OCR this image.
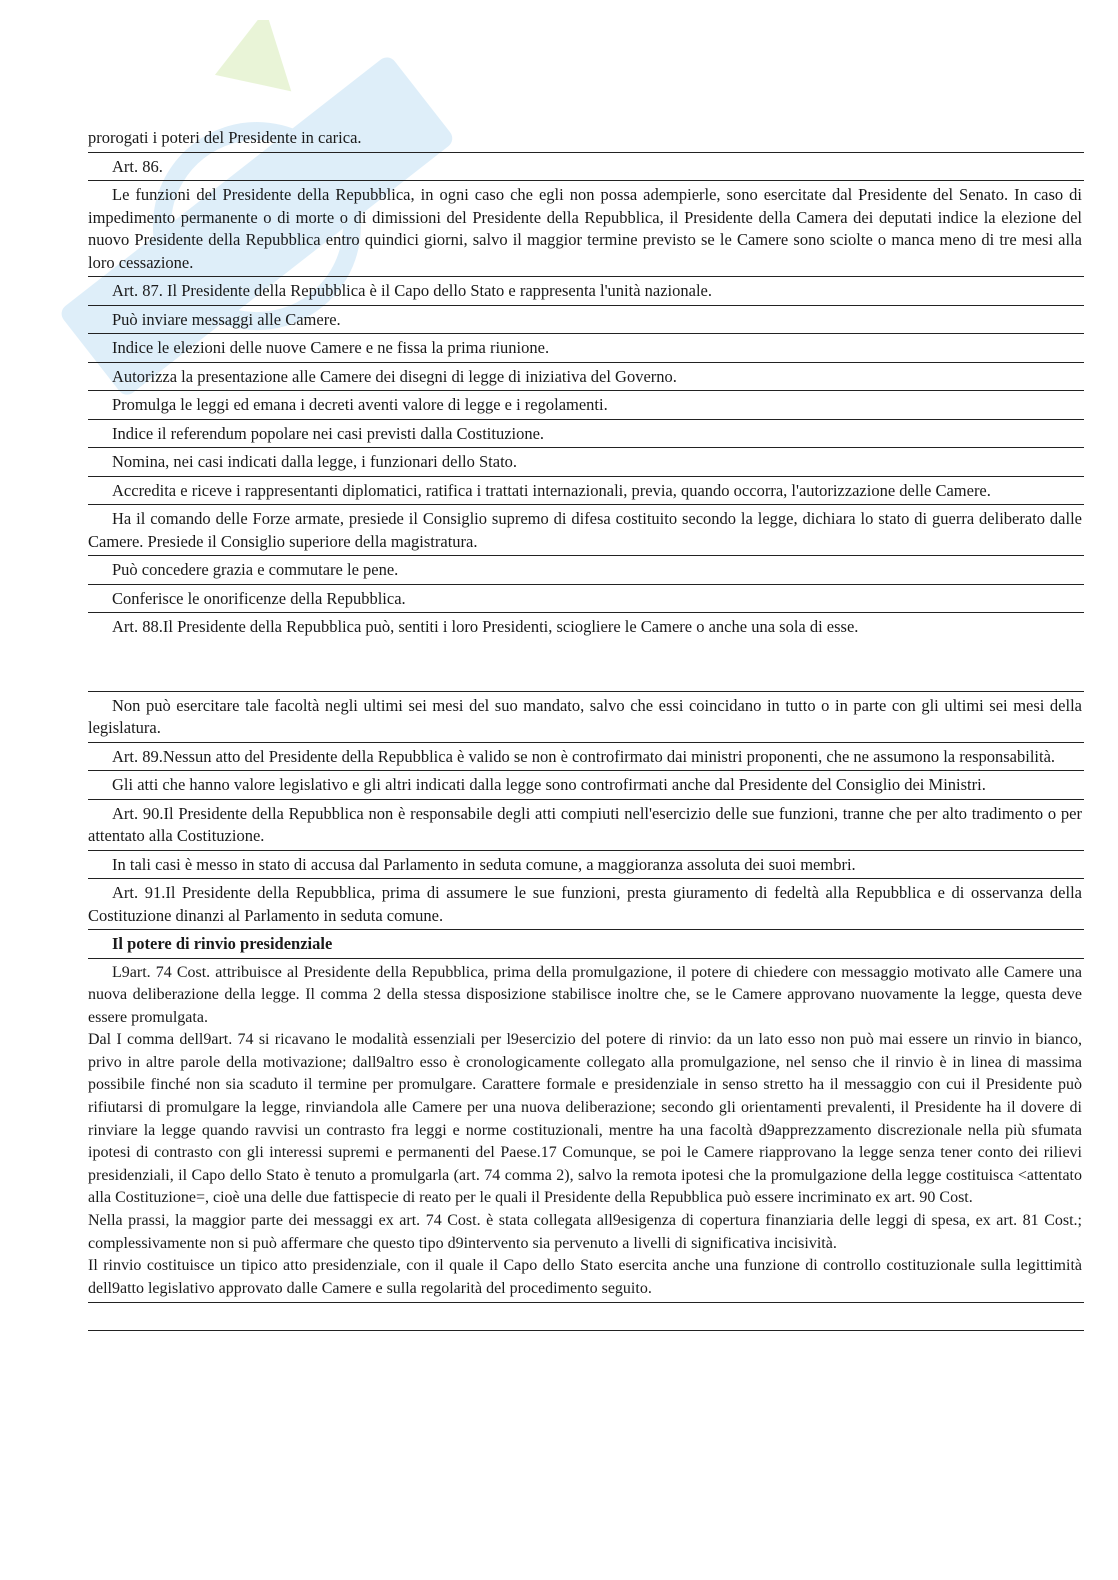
prorogati i poteri del Presidente in carica.

Art. 86.

Le funzioni del Presidente della Repubblica, in ogni caso che egli non possa adempierle, sono esercitate dal Presidente del Senato. In caso di impedimento permanente o di morte o di dimissioni del Presidente della Repubblica, il Presidente della Camera dei deputati indice la elezione del nuovo Presidente della Repubblica entro quindici giorni, salvo il maggior termine previsto se le Camere sono sciolte o manca meno di tre mesi alla loro cessazione.

Art. 87. Il Presidente della Repubblica è il Capo dello Stato e rappresenta l'unità nazionale.

Può inviare messaggi alle Camere.

Indice le elezioni delle nuove Camere e ne fissa la prima riunione.

Autorizza la presentazione alle Camere dei disegni di legge di iniziativa del Governo.

Promulga le leggi ed emana i decreti aventi valore di legge e i regolamenti.

Indice il referendum popolare nei casi previsti dalla Costituzione.

Nomina, nei casi indicati dalla legge, i funzionari dello Stato.

Accredita e riceve i rappresentanti diplomatici, ratifica i trattati internazionali, previa, quando occorra, l'autorizzazione delle Camere.

Ha il comando delle Forze armate, presiede il Consiglio supremo di difesa costituito secondo la legge, dichiara lo stato di guerra deliberato dalle Camere. Presiede il Consiglio superiore della magistratura.

Può concedere grazia e commutare le pene.

Conferisce le onorificenze della Repubblica.

Art. 88.Il Presidente della Repubblica può, sentiti i loro Presidenti, sciogliere le Camere o anche una sola di esse.

Non può esercitare tale facoltà negli ultimi sei mesi del suo mandato, salvo che essi coincidano in tutto o in parte con gli ultimi sei mesi della legislatura.

Art. 89.Nessun atto del Presidente della Repubblica è valido se non è controfirmato dai ministri proponenti, che ne assumono la responsabilità.

Gli atti che hanno valore legislativo e gli altri indicati dalla legge sono controfirmati anche dal Presidente del Consiglio dei Ministri.

Art. 90.Il Presidente della Repubblica non è responsabile degli atti compiuti nell'esercizio delle sue funzioni, tranne che per alto tradimento o per attentato alla Costituzione.

In tali casi è messo in stato di accusa dal Parlamento in seduta comune, a maggioranza assoluta dei suoi membri.

Art. 91.Il Presidente della Repubblica, prima di assumere le sue funzioni, presta giuramento di fedeltà alla Repubblica e di osservanza della Costituzione dinanzi al Parlamento in seduta comune.

Il potere di rinvio presidenziale

L9art. 74 Cost. attribuisce al Presidente della Repubblica, prima della promulgazione, il potere di chiedere con messaggio motivato alle Camere una nuova deliberazione della legge. Il comma 2 della stessa disposizione stabilisce inoltre che, se le Camere approvano nuovamente la legge, questa deve essere promulgata.

Dal I comma dell9art. 74 si ricavano le modalità essenziali per l9esercizio del potere di rinvio: da un lato esso non può mai essere un rinvio in bianco, privo in altre parole della motivazione; dall9altro esso è cronologicamente collegato alla promulgazione, nel senso che il rinvio è in linea di massima possibile finché non sia scaduto il termine per promulgare. Carattere formale e presidenziale in senso stretto ha il messaggio con cui il Presidente può rifiutarsi di promulgare la legge, rinviandola alle Camere per una nuova deliberazione; secondo gli orientamenti prevalenti, il Presidente ha il dovere di rinviare la legge quando ravvisi un contrasto fra leggi e norme costituzionali, mentre ha una facoltà d9apprezzamento discrezionale nella più sfumata ipotesi di contrasto con gli interessi supremi e permanenti del Paese.17 Comunque, se poi le Camere riapprovano la legge senza tener conto dei rilievi presidenziali, il Capo dello Stato è tenuto a promulgarla (art. 74 comma 2), salvo la remota ipotesi che la promulgazione della legge costituisca <attentato alla Costituzione=, cioè una delle due fattispecie di reato per le quali il Presidente della Repubblica può essere incriminato ex art. 90 Cost.

Nella prassi, la maggior parte dei messaggi ex art. 74 Cost. è stata collegata all9esigenza di copertura finanziaria delle leggi di spesa, ex art. 81 Cost.; complessivamente non si può affermare che questo tipo d9intervento sia pervenuto a livelli di significativa incisività.

Il rinvio costituisce un tipico atto presidenziale, con il quale il Capo dello Stato esercita anche una funzione di controllo costituzionale sulla legittimità dell9atto legislativo approvato dalle Camere e sulla regolarità del procedimento seguito.
